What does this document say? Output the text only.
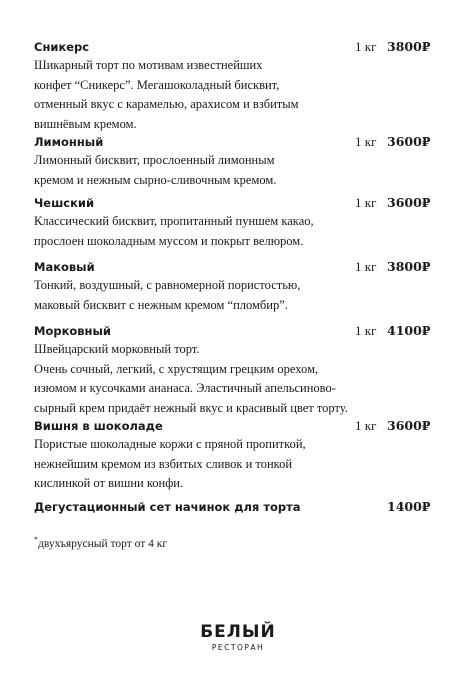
Сникерс	1 кг 3800₽
Шикарный торт по мотивам известнейших
конфет “Сникерс”. Мегашоколадный бисквит,
отменный вкус с карамелью, арахисом и взбитым
вишнёвым кремом.
Лимонный	1 кг 3600₽
Лимонный бисквит, прослоенный лимонным
кремом и нежным сырно-сливочным кремом.
Чешский	1 кг 3600₽
Классический бисквит, пропитанный пуншем какао,
прослоен шоколадным муссом и покрыт велюром.
Маковый	1 кг 3800₽
Тонкий, воздушный, с равномерной пористостью,
маковый бисквит с нежным кремом “пломбир”.
Морковный	1 кг 4100₽
Швейцарский морковный торт.
Очень сочный, легкий, с хрустящим грецким орехом,
изюмом и кусочками ананаса. Эластичный апельсиново-
сырный крем придаёт нежный вкус и красивый цвет торту.
Вишня в шоколаде	1 кг 3600₽
Пористые шоколадные коржи с пряной пропиткой,
нежнейшим кремом из взбитых сливок и тонкой
кислинкой от вишни конфи.
Дегустационный сет начинок для торта	1400₽
*двухъярусный торт от 4 кг
БЕЛЫЙ
РЕСТОРАН
